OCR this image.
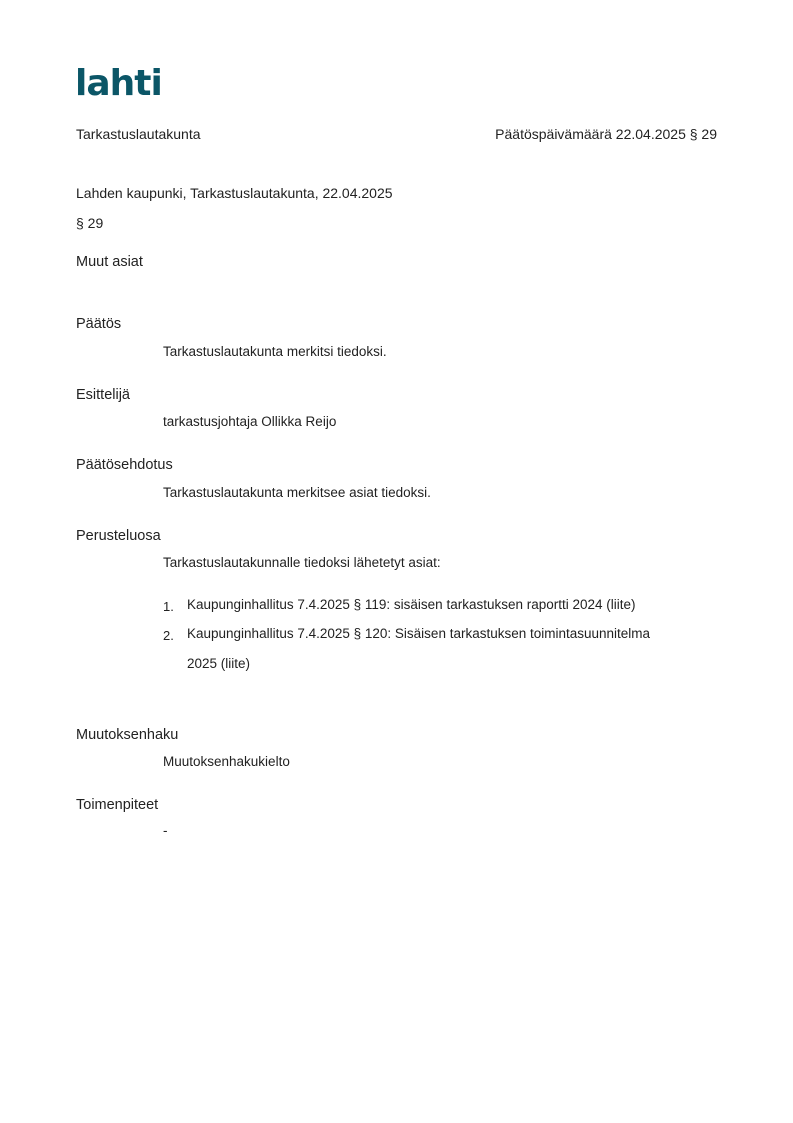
lahti
Tarkastuslautakunta	Päätöspäivämäärä 22.04.2025 § 29
Lahden kaupunki, Tarkastuslautakunta, 22.04.2025
§ 29
Muut asiat
Päätös
Tarkastuslautakunta merkitsi tiedoksi.
Esittelijä
tarkastusjohtaja Ollikka Reijo
Päätösehdotus
Tarkastuslautakunta merkitsee asiat tiedoksi.
Perusteluosa
Tarkastuslautakunnalle tiedoksi lähetetyt asiat:
1. Kaupunginhallitus 7.4.2025 § 119: sisäisen tarkastuksen raportti 2024 (liite)
2. Kaupunginhallitus 7.4.2025 § 120: Sisäisen tarkastuksen toimintasuunnitelma
2025 (liite)
Muutoksenhaku
Muutoksenhakukielto
Toimenpiteet
-
